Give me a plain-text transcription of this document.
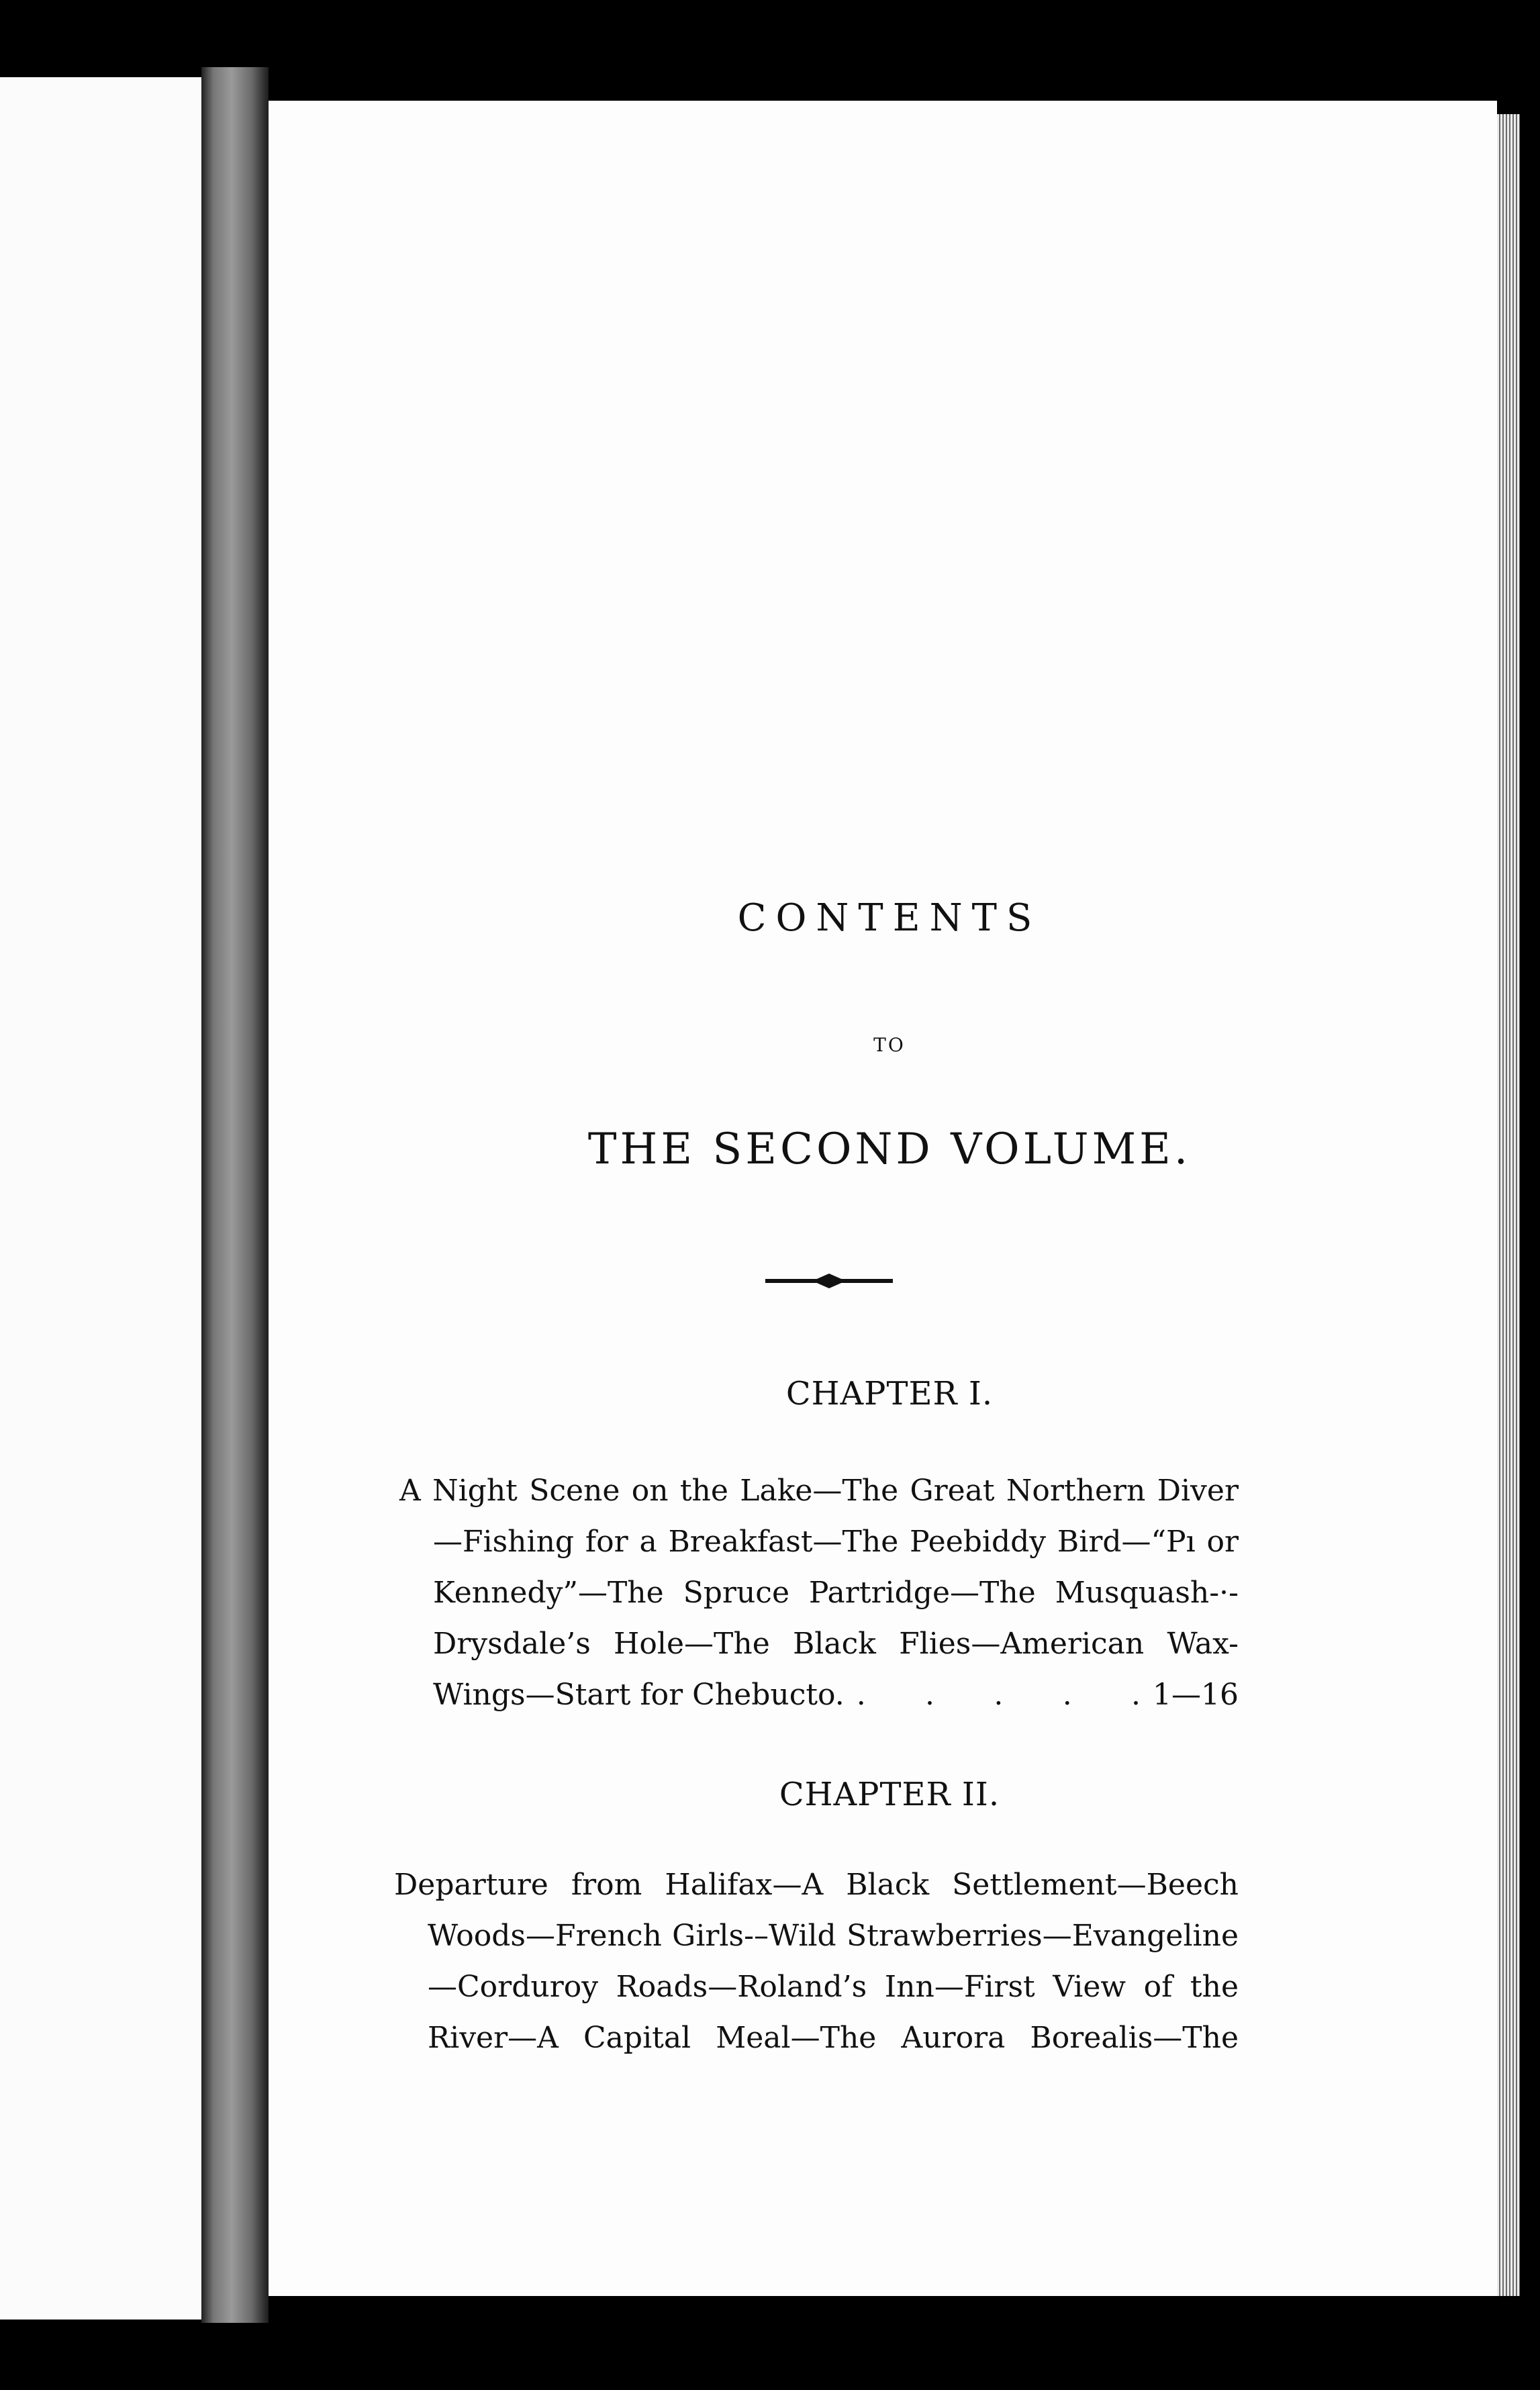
CONTENTS
TO
THE SECOND VOLUME.
CHAPTER I.
A Night Scene on the Lake—The Great Northern Diver
—Fishing for a Breakfast—The Peebiddy Bird—“Pı or
Kennedy”—The Spruce Partridge—The Musquash-·-
Drysdale’s Hole—The Black Flies—American Wax-
Wings—Start for Chebucto. . . . . . 1—16
CHAPTER II.
Departure from Halifax—A Black Settlement—Beech
Woods—French Girls-–Wild Strawberries—Evangeline
—Corduroy Roads—Roland’s Inn—First View of the
River—A Capital Meal—The Aurora Borealis—The
